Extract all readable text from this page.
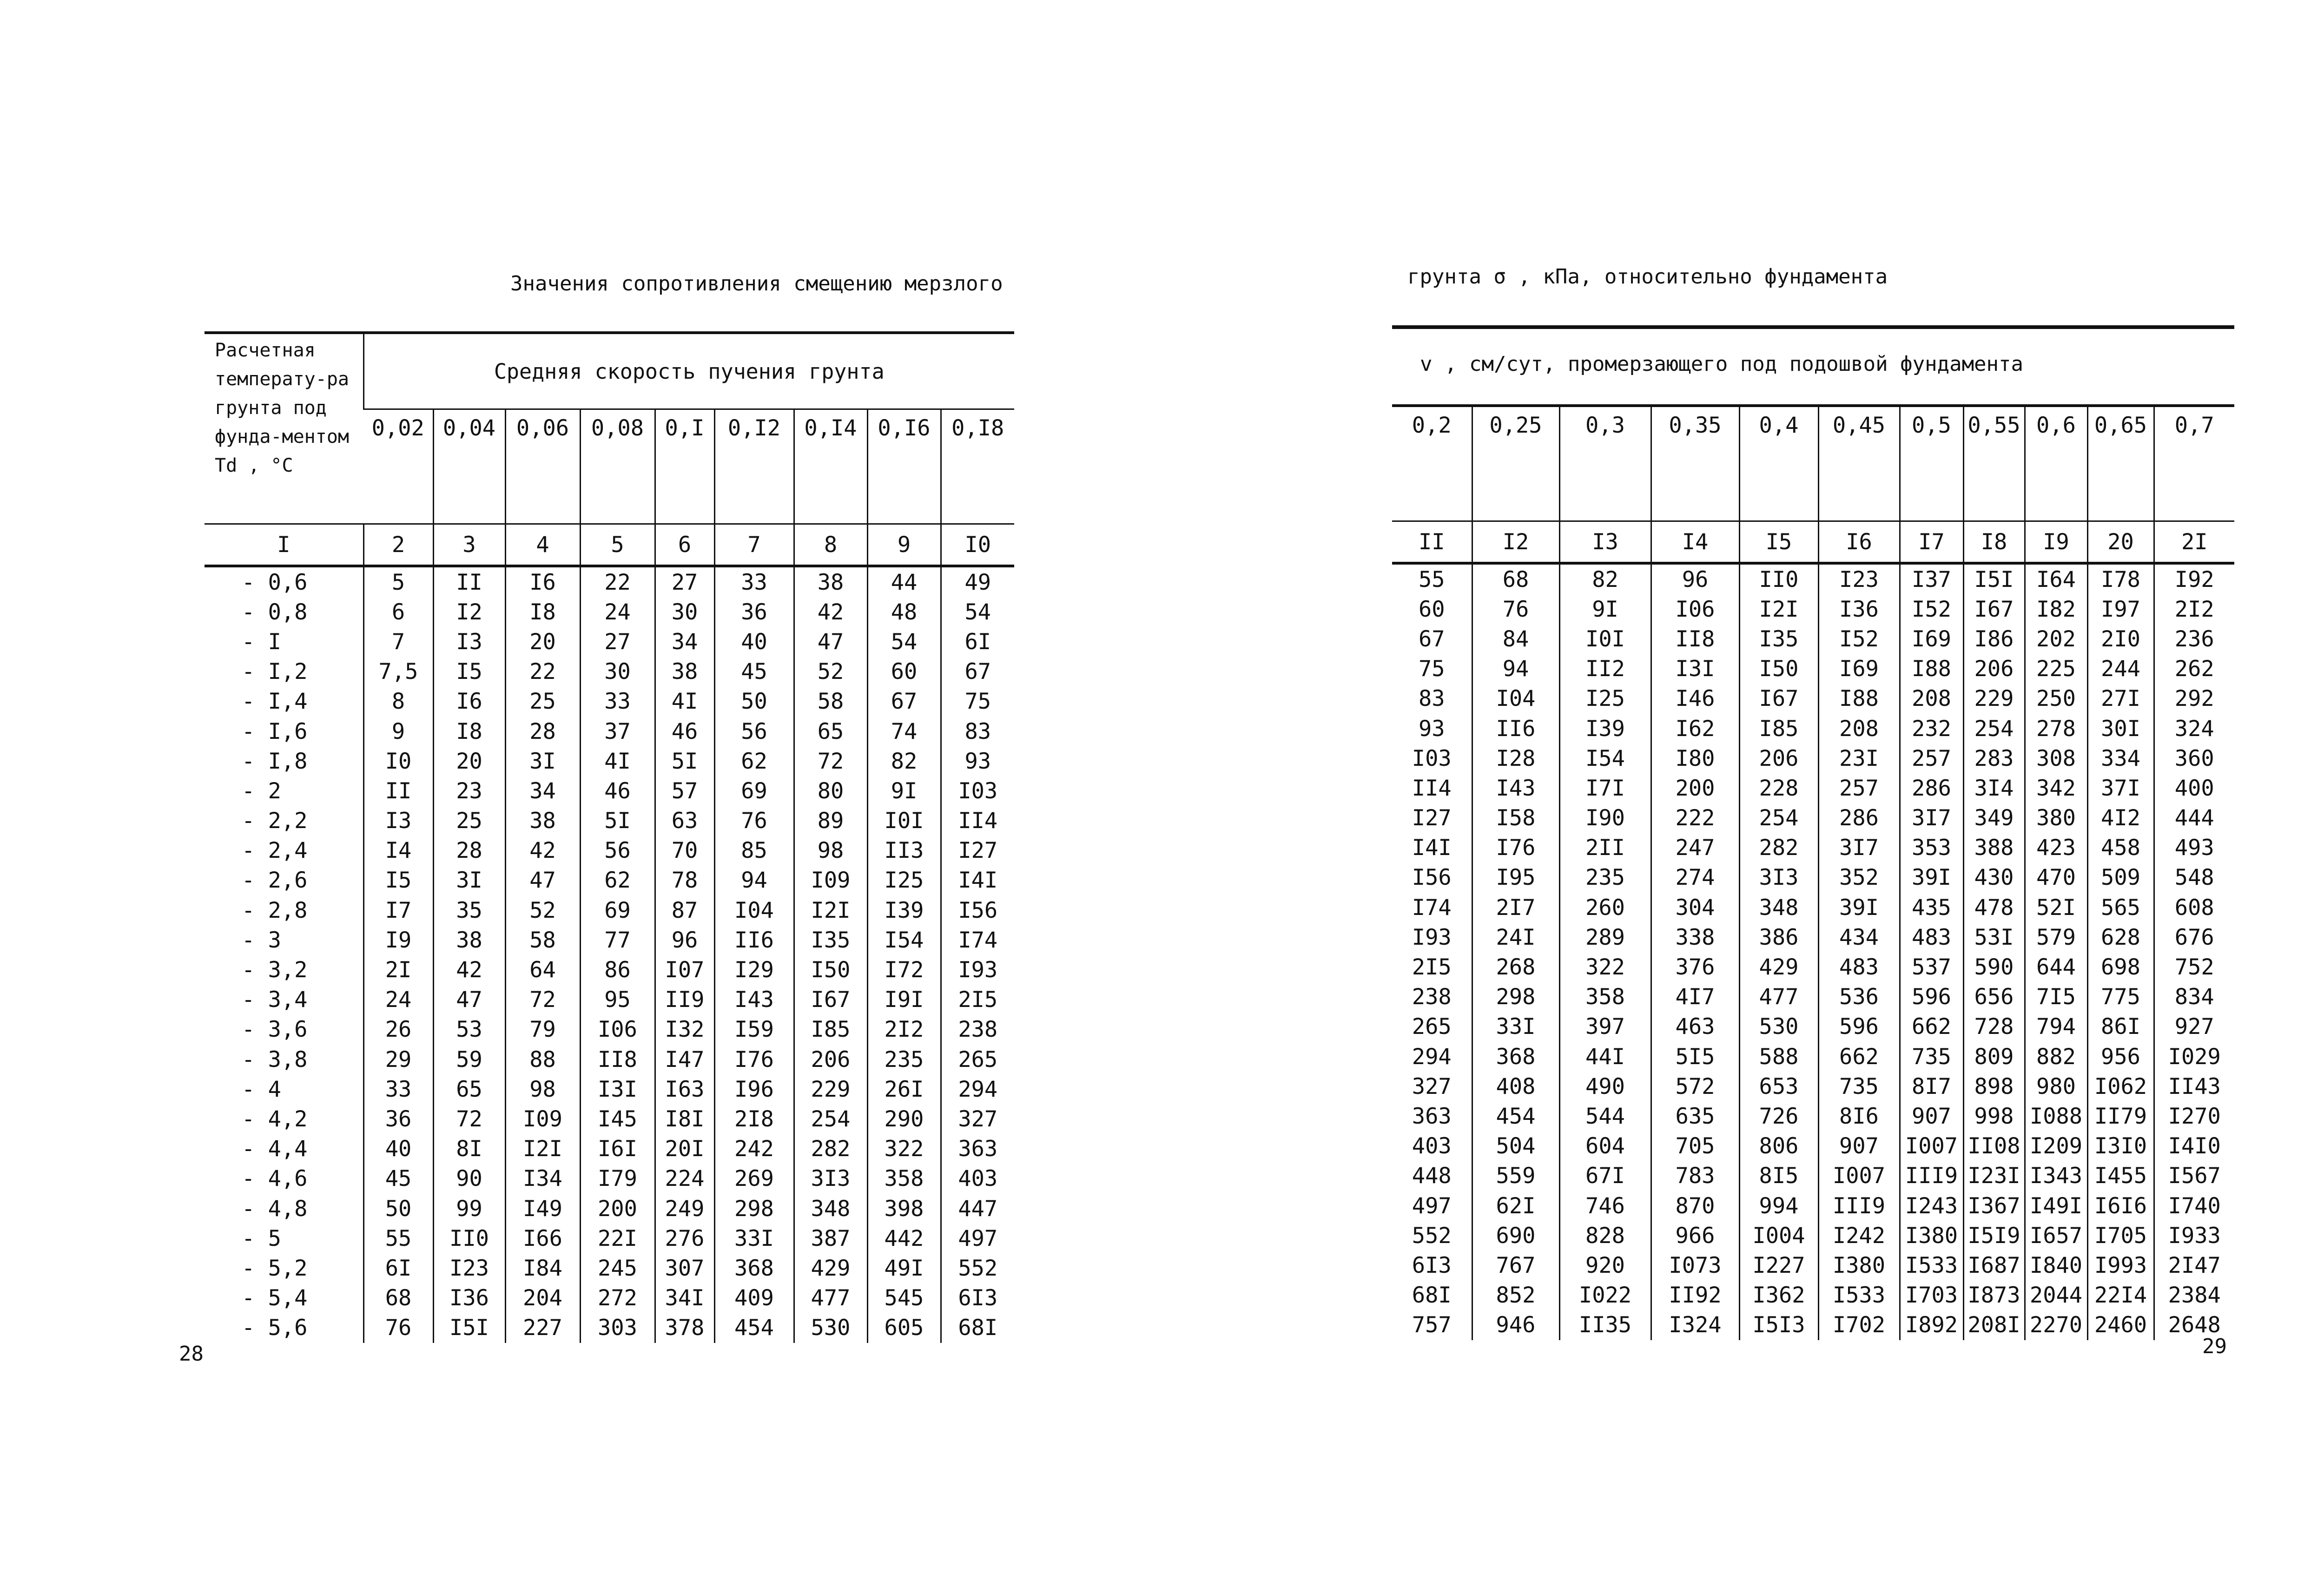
Значения сопротивления смещению мерзлого
Расчетная температу-ра грунта под фунда-ментом Тd , °С	Средняя скорость пучения грунта								
	0,02	0,04	0,06	0,08	0,I	0,I2	0,I4	0,I6	0,I8
I	2	3	4	5	6	7	8	9	I0
- 0,6	5	II	I6	22	27	33	38	44	49
- 0,8	6	I2	I8	24	30	36	42	48	54
- I	7	I3	20	27	34	40	47	54	6I
- I,2	7,5	I5	22	30	38	45	52	60	67
- I,4	8	I6	25	33	4I	50	58	67	75
- I,6	9	I8	28	37	46	56	65	74	83
- I,8	I0	20	3I	4I	5I	62	72	82	93
- 2	II	23	34	46	57	69	80	9I	I03
- 2,2	I3	25	38	5I	63	76	89	I0I	II4
- 2,4	I4	28	42	56	70	85	98	II3	I27
- 2,6	I5	3I	47	62	78	94	I09	I25	I4I
- 2,8	I7	35	52	69	87	I04	I2I	I39	I56
- 3	I9	38	58	77	96	II6	I35	I54	I74
- 3,2	2I	42	64	86	I07	I29	I50	I72	I93
- 3,4	24	47	72	95	II9	I43	I67	I9I	2I5
- 3,6	26	53	79	I06	I32	I59	I85	2I2	238
- 3,8	29	59	88	II8	I47	I76	206	235	265
- 4	33	65	98	I3I	I63	I96	229	26I	294
- 4,2	36	72	I09	I45	I8I	2I8	254	290	327
- 4,4	40	8I	I2I	I6I	20I	242	282	322	363
- 4,6	45	90	I34	I79	224	269	3I3	358	403
- 4,8	50	99	I49	200	249	298	348	398	447
- 5	55	II0	I66	22I	276	33I	387	442	497
- 5,2	6I	I23	I84	245	307	368	429	49I	552
- 5,4	68	I36	204	272	34I	409	477	545	6I3
- 5,6	76	I5I	227	303	378	454	530	605	68I
28
грунта σ , кПа, относительно фундамента
v , см/сут, промерзающего под подошвой фундамента
0,2	0,25	0,3	0,35	0,4	0,45	0,5	0,55	0,6	0,65	0,7
II	I2	I3	I4	I5	I6	I7	I8	I9	20	2I
55	68	82	96	II0	I23	I37	I5I	I64	I78	I92
60	76	9I	I06	I2I	I36	I52	I67	I82	I97	2I2
67	84	I0I	II8	I35	I52	I69	I86	202	2I0	236
75	94	II2	I3I	I50	I69	I88	206	225	244	262
83	I04	I25	I46	I67	I88	208	229	250	27I	292
93	II6	I39	I62	I85	208	232	254	278	30I	324
I03	I28	I54	I80	206	23I	257	283	308	334	360
II4	I43	I7I	200	228	257	286	3I4	342	37I	400
I27	I58	I90	222	254	286	3I7	349	380	4I2	444
I4I	I76	2II	247	282	3I7	353	388	423	458	493
I56	I95	235	274	3I3	352	39I	430	470	509	548
I74	2I7	260	304	348	39I	435	478	52I	565	608
I93	24I	289	338	386	434	483	53I	579	628	676
2I5	268	322	376	429	483	537	590	644	698	752
238	298	358	4I7	477	536	596	656	7I5	775	834
265	33I	397	463	530	596	662	728	794	86I	927
294	368	44I	5I5	588	662	735	809	882	956	I029
327	408	490	572	653	735	8I7	898	980	I062	II43
363	454	544	635	726	8I6	907	998	I088	II79	I270
403	504	604	705	806	907	I007	II08	I209	I3I0	I4I0
448	559	67I	783	8I5	I007	III9	I23I	I343	I455	I567
497	62I	746	870	994	III9	I243	I367	I49I	I6I6	I740
552	690	828	966	I004	I242	I380	I5I9	I657	I705	I933
6I3	767	920	I073	I227	I380	I533	I687	I840	I993	2I47
68I	852	I022	II92	I362	I533	I703	I873	2044	22I4	2384
757	946	II35	I324	I5I3	I702	I892	208I	2270	2460	2648
29
